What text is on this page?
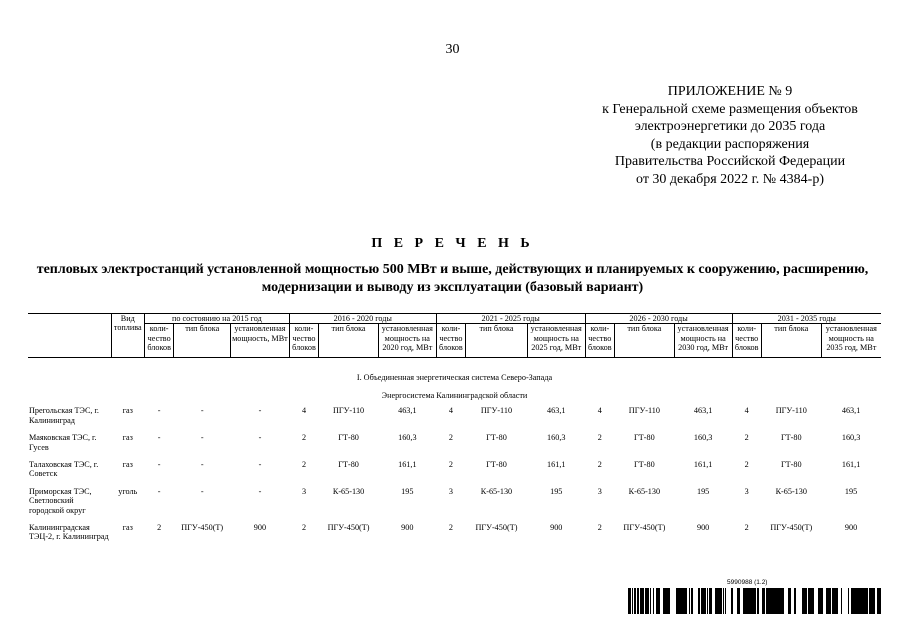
30
ПРИЛОЖЕНИЕ № 9
к Генеральной схеме размещения объектов
электроэнергетики до 2035 года
(в редакции распоряжения
Правительства Российской Федерации
от 30 декабря 2022 г. № 4384-р)
П Е Р Е Ч Е Н Ь
тепловых электростанций установленной мощностью 500 МВт и выше, действующих и планируемых к сооружению, расширению, модернизации и выводу из эксплуатации (базовый вариант)
	Вид топлива	по состоянию на 2015 год			2016 - 2020 годы			2021 - 2025 годы			2026 - 2030 годы			2031 - 2035 годы		
		коли-чество блоков	тип блока	установленная мощность, МВт	коли-чество блоков	тип блока	установленная мощность на 2020 год, МВт	коли-чество блоков	тип блока	установленная мощность на 2025 год, МВт	коли-чество блоков	тип блока	установленная мощность на 2030 год, МВт	коли-чество блоков	тип блока	установленная мощность на 2035 год, МВт
I. Объединенная энергетическая система Северо-Запада																
Энергосистема Калининградской области																

Прегольская ТЭС, г. Калининград	газ	-	-	-	4	ПГУ-110	463,1	4	ПГУ-110	463,1	4	ПГУ-110	463,1	4	ПГУ-110	463,1
Маяковская ТЭС, г. Гусев	газ	-	-	-	2	ГТ-80	160,3	2	ГТ-80	160,3	2	ГТ-80	160,3	2	ГТ-80	160,3
Талаховская ТЭС, г. Советск	газ	-	-	-	2	ГТ-80	161,1	2	ГТ-80	161,1	2	ГТ-80	161,1	2	ГТ-80	161,1
Приморская ТЭС, Светловский городской округ	уголь	-	-	-	3	К-65-130	195	3	К-65-130	195	3	К-65-130	195	3	К-65-130	195
Калининградская ТЭЦ-2, г. Калининград	газ	2	ПГУ-450(Т)	900	2	ПГУ-450(Т)	900	2	ПГУ-450(Т)	900	2	ПГУ-450(Т)	900	2	ПГУ-450(Т)	900
5990988 (1.2)
